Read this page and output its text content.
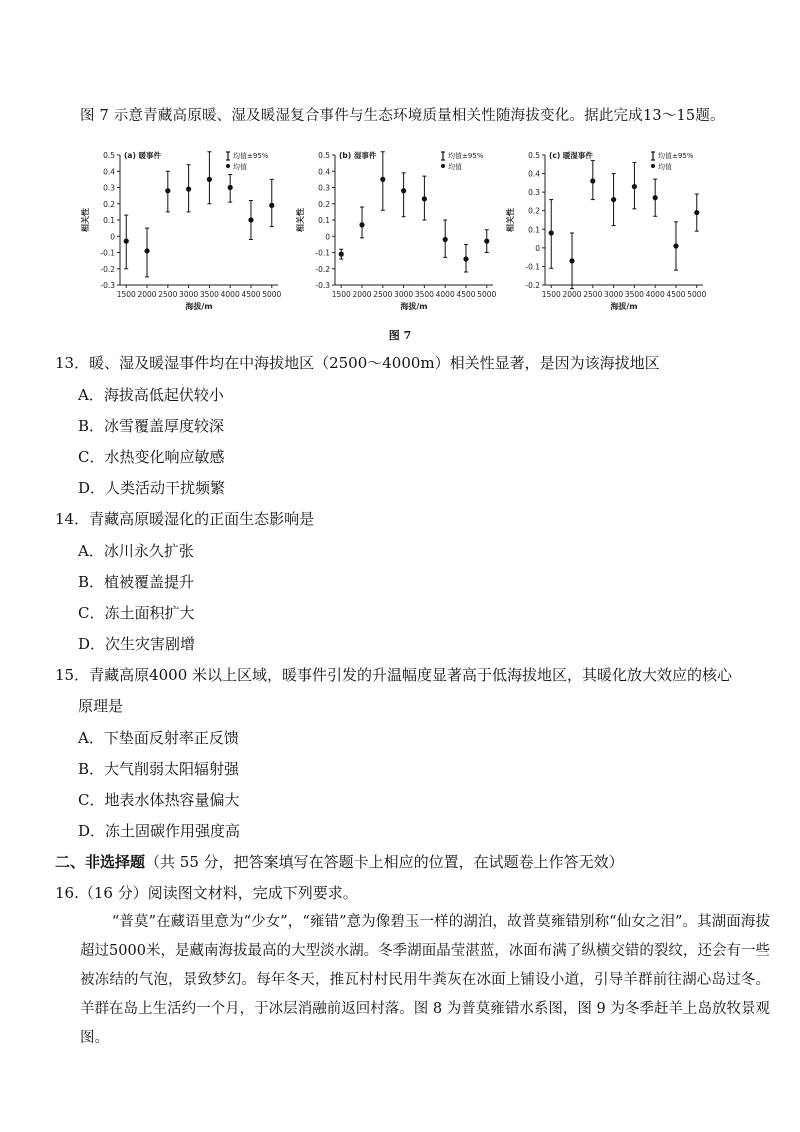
图 7 示意青藏高原暖、湿及暖湿复合事件与生态环境质量相关性随海拔变化。据此完成13～15题。
0.5
0.4
0.3
0.2
0.1
0
-0.1
-0.2
-0.3
1500 2000 2500 3000 3500 4000 4500 5000
海拔/m
相关性
(a) 暖事件	均值±95%
均值
0.5
0.4
0.3
0.2
0.1
0
-0.1
-0.2
-0.3
1500 2000 2500 3000 3500 4000 4500 5000
海拔/m
相关性
(b) 湿事件	均值±95%
均值
0.5
0.4
0.3
0.2
0.1
0
-0.1
-0.2
1500 2000 2500 3000 3500 4000 4500 5000
海拔/m
相关性
(c) 暖湿事件	均值±95%
均值
图 7
13．暖、湿及暖湿事件均在中海拔地区（2500～4000m）相关性显著，是因为该海拔地区
A．海拔高低起伏较小
B．冰雪覆盖厚度较深
C．水热变化响应敏感
D．人类活动干扰频繁
14．青藏高原暖湿化的正面生态影响是
A．冰川永久扩张
B．植被覆盖提升
C．冻土面积扩大
D．次生灾害剧增
15．青藏高原4000 米以上区域，暖事件引发的升温幅度显著高于低海拔地区，其暖化放大效应的核心
原理是
A．下垫面反射率正反馈
B．大气削弱太阳辐射强
C．地表水体热容量偏大
D．冻土固碳作用强度高
二、非选择题（共 55 分，把答案填写在答题卡上相应的位置，在试题卷上作答无效）
16.（16 分）阅读图文材料，完成下列要求。
“普莫”在藏语里意为“少女”，“雍错”意为像碧玉一样的湖泊，故普莫雍错别称“仙女之泪”。其湖面海拔超过5000米，是藏南海拔最高的大型淡水湖。冬季湖面晶莹湛蓝，冰面布满了纵横交错的裂纹，还会有一些被冻结的气泡，景致梦幻。每年冬天，推瓦村村民用牛粪灰在冰面上铺设小道，引导羊群前往湖心岛过冬。羊群在岛上生活约一个月，于冰层消融前返回村落。图 8 为普莫雍错水系图，图 9 为冬季赶羊上岛放牧景观图。
